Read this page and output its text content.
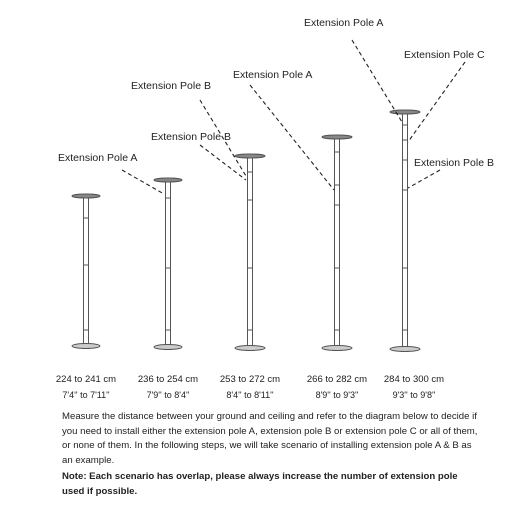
Extension Pole A
Extension Pole B
Extension Pole B
Extension Pole A
Extension Pole A
Extension Pole C
Extension Pole B
224 to 241 cm 236 to 254 cm 253 to 272 cm	266 to 282 cm 284 to 300 cm
7'4'' to 7'11''	7'9'' to 8'4''	8'4'' to 8'11''	8'9'' to 9'3''	9'3'' to 9'8''

Measure the distance between your ground and ceiling and refer to the diagram below to decide if you need to install either the extension pole A, extension pole B or extension pole C or all of them, or none of them. In the following steps, we will take scenario of installing extension pole A & B as an example.

Note: Each scenario has overlap, please always increase the number of extension pole used if possible.
